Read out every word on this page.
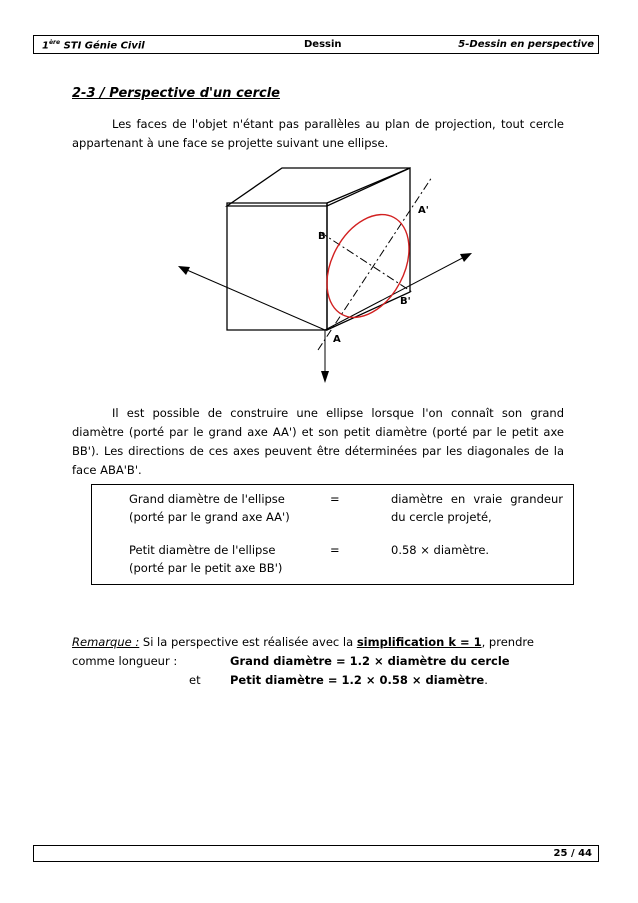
1ère STI Génie Civil	Dessin	5-Dessin en perspective
2-3 / Perspective d'un cercle
Les faces de l'objet n'étant pas parallèles au plan de projection, tout cercle appartenant à une face se projette suivant une ellipse.
A'
B
B'
A
Il est possible de construire une ellipse lorsque l'on connaît son grand diamètre (porté par le grand axe AA') et son petit diamètre (porté par le petit axe BB'). Les directions de ces axes peuvent être déterminées par les diagonales de la face ABA'B'.
Grand diamètre de l'ellipse
(porté par le grand axe AA')
=	diamètre en vraie grandeur
du cercle projeté,
Petit diamètre de l'ellipse
(porté par le petit axe BB')
=	0.58 × diamètre.
Remarque : Si la perspective est réalisée avec la simplification k = 1, prendre
comme longueur :	Grand diamètre = 1.2 × diamètre du cercle
et	Petit diamètre = 1.2 × 0.58 × diamètre.
25 / 44
